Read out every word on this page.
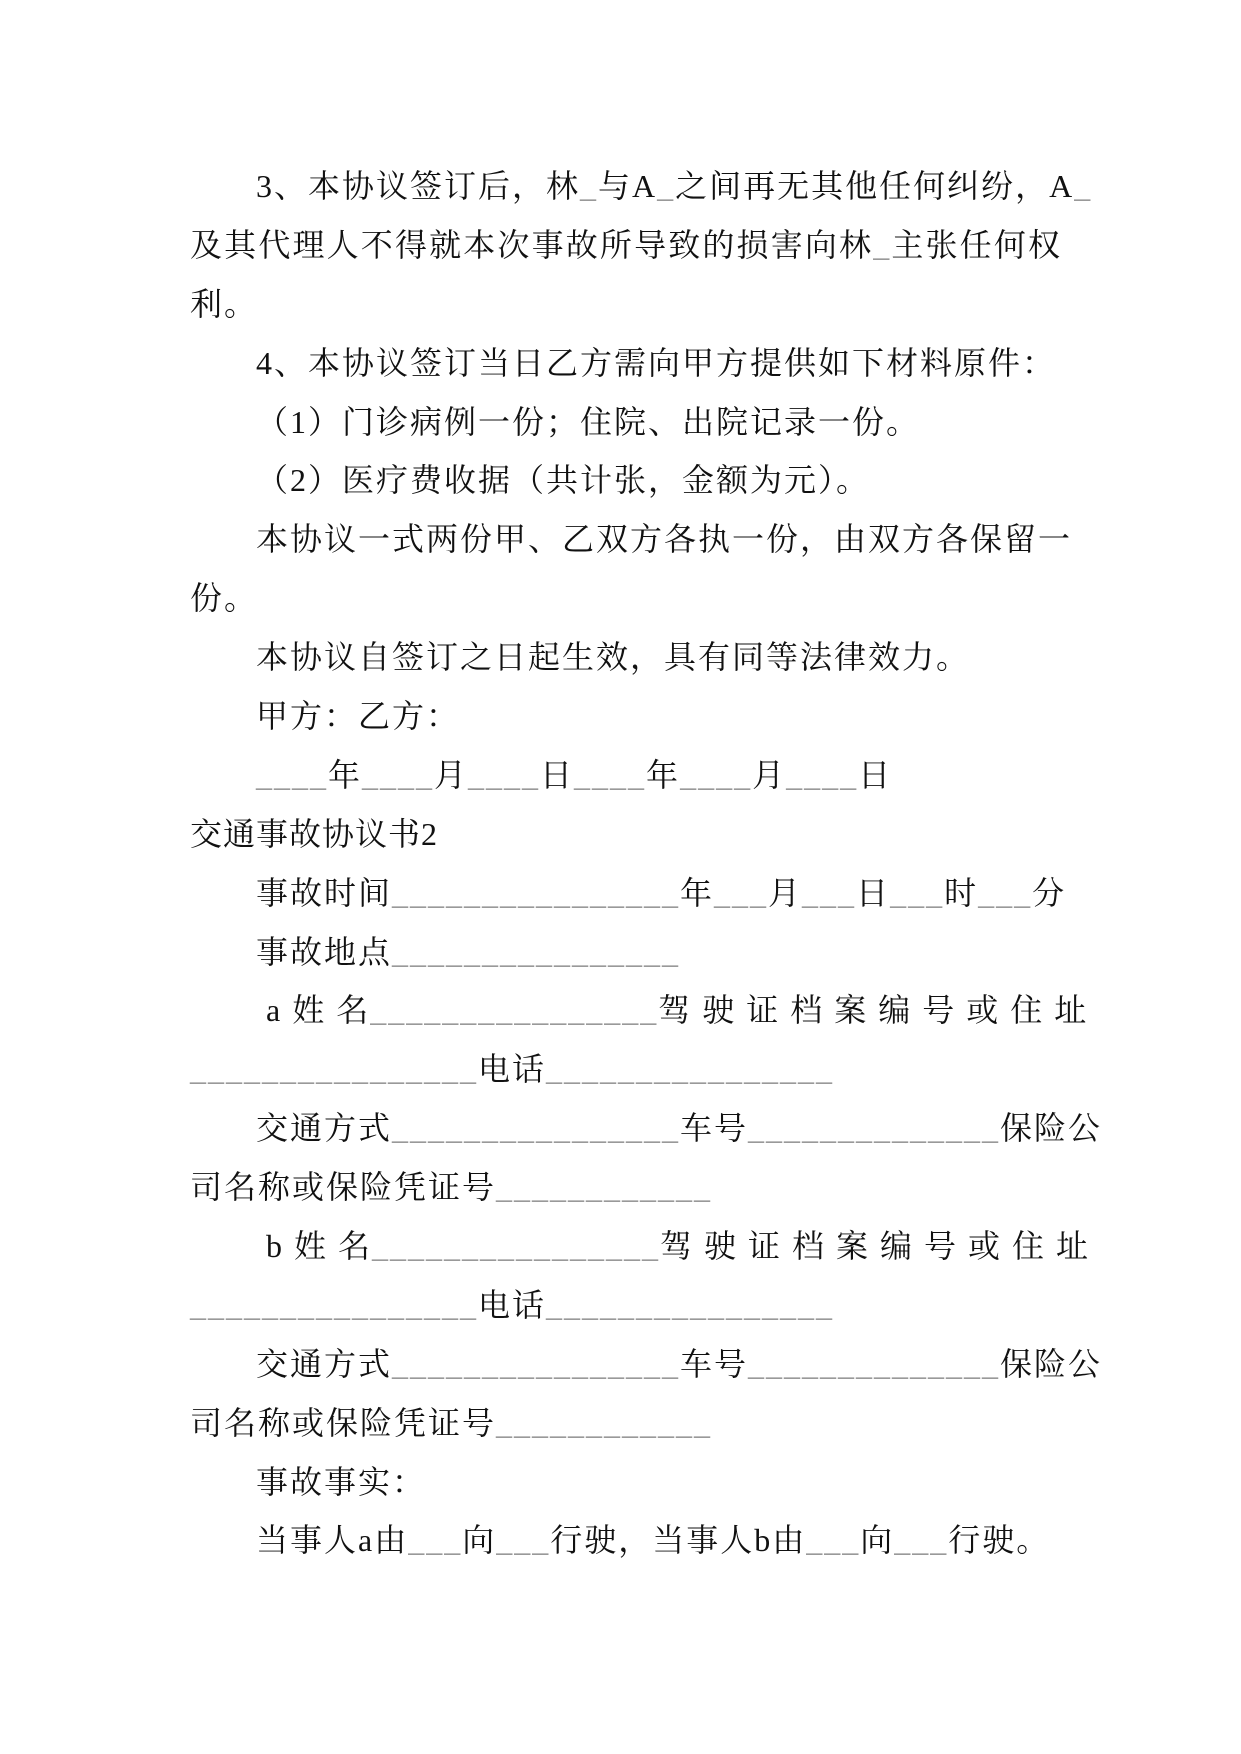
3、本协议签订后，林_与A_之间再无其他任何纠纷，A_
及其代理人不得就本次事故所导致的损害向林_主张任何权
利。
4、本协议签订当日乙方需向甲方提供如下材料原件：
（1）门诊病例一份；住院、出院记录一份。
（2）医疗费收据（共计张，金额为元）。
本协议一式两份甲、乙双方各执一份，由双方各保留一
份。
本协议自签订之日起生效，具有同等法律效力。
甲方：乙方：
____年____月____日____年____月____日
交通事故协议书2
事故时间________________年___月___日___时___分
事故地点________________
a 姓 名________________驾 驶 证 档 案 编 号 或 住 址
________________电话________________
交通方式________________车号______________保险公
司名称或保险凭证号____________
b 姓 名________________驾 驶 证 档 案 编 号 或 住 址
________________电话________________
交通方式________________车号______________保险公
司名称或保险凭证号____________
事故事实：
当事人a由___向___行驶，当事人b由___向___行驶。
